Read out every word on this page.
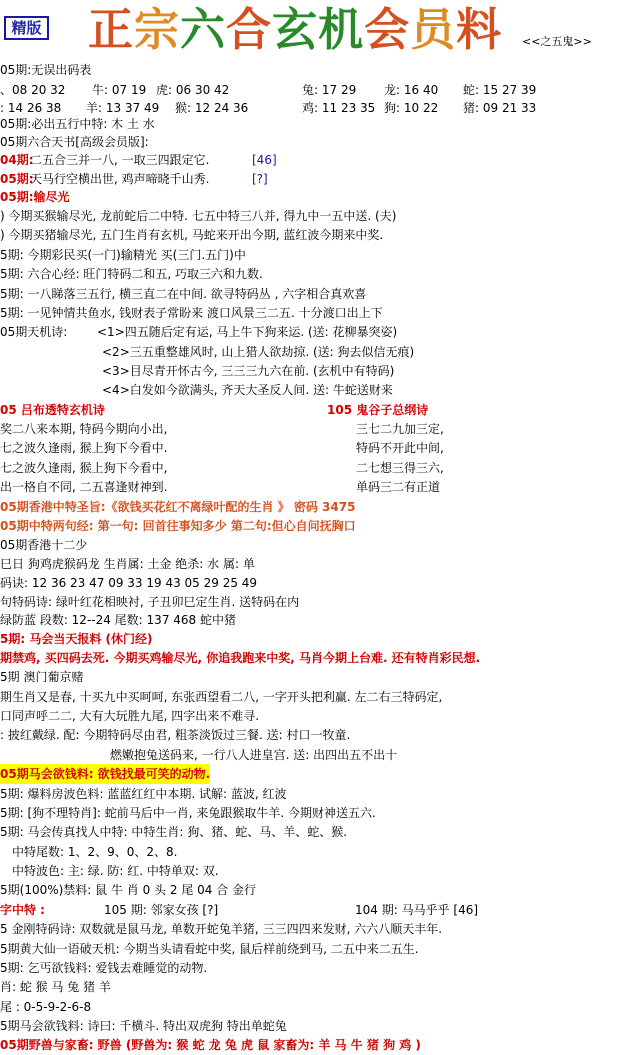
精版 正宗六合玄机会员料 <<之五鬼>>
05期:无误出码表
、08 20 32 牛: 07 19 虎: 06 30 42	兔: 17 29 龙: 16 40 蛇: 15 27 39
: 14 26 38 羊: 13 37 49 猴: 12 24 36	鸡: 11 23 35 狗: 10 22 猪: 09 21 33
05期:必出五行中特: 木 土 水
05期六合天书[高级会员版]:
04期:
二五合三并一八, 一取三四跟定它.	[46]
05期:
天马行空横出世, 鸡声啼晓千山秀.	[?]
05期:输尽光
) 今期买猴输尽光, 龙前蛇后二中特. 七五中特三八并, 得九中一五中送. (夫)
) 今期买猪输尽光, 五门生肖有玄机, 马蛇来开出今期, 蓝红波今期来中奖.
5期: 今期彩民买(一门)输精光 买(三门.五门)中
5期: 六合心经: 旺门特码二和五, 巧取三六和九数.
5期: 一八睇落三五行, 横三直二在中间. 欲寻特码丛 , 六字相合真欢喜
5期: 一见钟情共鱼水, 钱财表子常盼来 渡口风景三二五. 十分渡口出上下
05期天机诗: <1>四五随后定有运, 马上牛下狗来运. (送: 花柳暴突姿)
<2>三五重整雄风时, 山上猎人欲劫掠. (送: 狗去似信无痕)
<3>目尽青开怀古今, 三三三九六在前. (玄机中有特码)
<4>白发如今欲满头, 齐天大圣反人间. 送: 牛蛇送财来
05 吕布透特玄机诗	105 鬼谷子总纲诗
奖二八来本期, 特码今期向小出,	三七二九加三定,
七之波久逢雨, 猴上狗下今看中.	特码不开此中间,
七之波久逢雨, 猴上狗下今看中,	二七想三得三六,
出一格自不同, 二五喜逢财神到.	单码三二有正道
05期香港中特圣旨:《欲钱买花红不离绿叶配的生肖 》 密码 3475
05期中特两句经: 第一句: 回首往事知多少 第二句:但心自问抚胸口
05期香港十二少
巳日 狗鸡虎猴码龙 生肖属: 土金 绝杀: 水 属: 单
码诀: 12 36 23 47 09 33 19 43 05 29 25 49
句特码诗: 绿叶红花相映衬, 子丑卯巳定生肖. 送特码在内
绿防蓝 段数: 12--24 尾数: 137 468 蛇中猪
5期: 马会当天报料 (休门经)
期禁鸡, 买四码去死. 今期买鸡输尽光, 你追我跑来中奖, 马肖今期上台难. 还有特肖彩民想.
5期 澳门葡京赌
期生肖又是春, 十买九中买呵呵, 东张西望看二八, 一字开头把利赢. 左二右三特码定,
口同声呼二二, 大有大玩胜九尾, 四字出来不难寻.
: 披红戴绿. 配: 今期特码尽由君, 粗茶淡饭过三餐. 送: 村口一牧童.
燃嫩抱兔送码来, 一行八人进皇宫. 送: 出四出五不出十
05期马会欲钱料: 欲钱找最可笑的动物.
5期: 爆料房波色料: 蓝蓝红红中本期. 试解: 蓝波, 红波
5期: [狗不理特肖]: 蛇前马后中一肖, 来兔跟猴取牛羊. 今期财神送五六.
5期: 马会传真找人中特: 中特生肖: 狗、猪、蛇、马、羊、蛇、猴.
中特尾数: 1、2、9、0、2、8.
中特波色: 主: 绿. 防: 红. 中特单双: 双.
5期(100%)禁料: 鼠 牛 肖 0 头 2 尾 04 合 金行
字中特 :	105 期: 邻家女孩 [?]	104 期: 马马乎乎 [46]
5 金刚特码诗: 双数就是鼠马龙, 单数开蛇兔羊猪, 三三四四来发财, 六六八顺天丰年.
5期黄大仙一语破天机: 今期当头请看蛇中奖, 鼠后样前绕到马, 二五中来二五生.
5期: 乞丐欲钱料: 爱钱去难睡觉的动物.
肖: 蛇 猴 马 兔 猪 羊
尾 : 0-5-9-2-6-8
5期马会欲钱料: 诗曰: 千横斗. 特出双虎狗 特出单蛇兔
05期野兽与家畜: 野兽 (野兽为: 猴 蛇 龙 兔 虎 鼠 家畜为: 羊 马 牛 猪 狗 鸡 )
